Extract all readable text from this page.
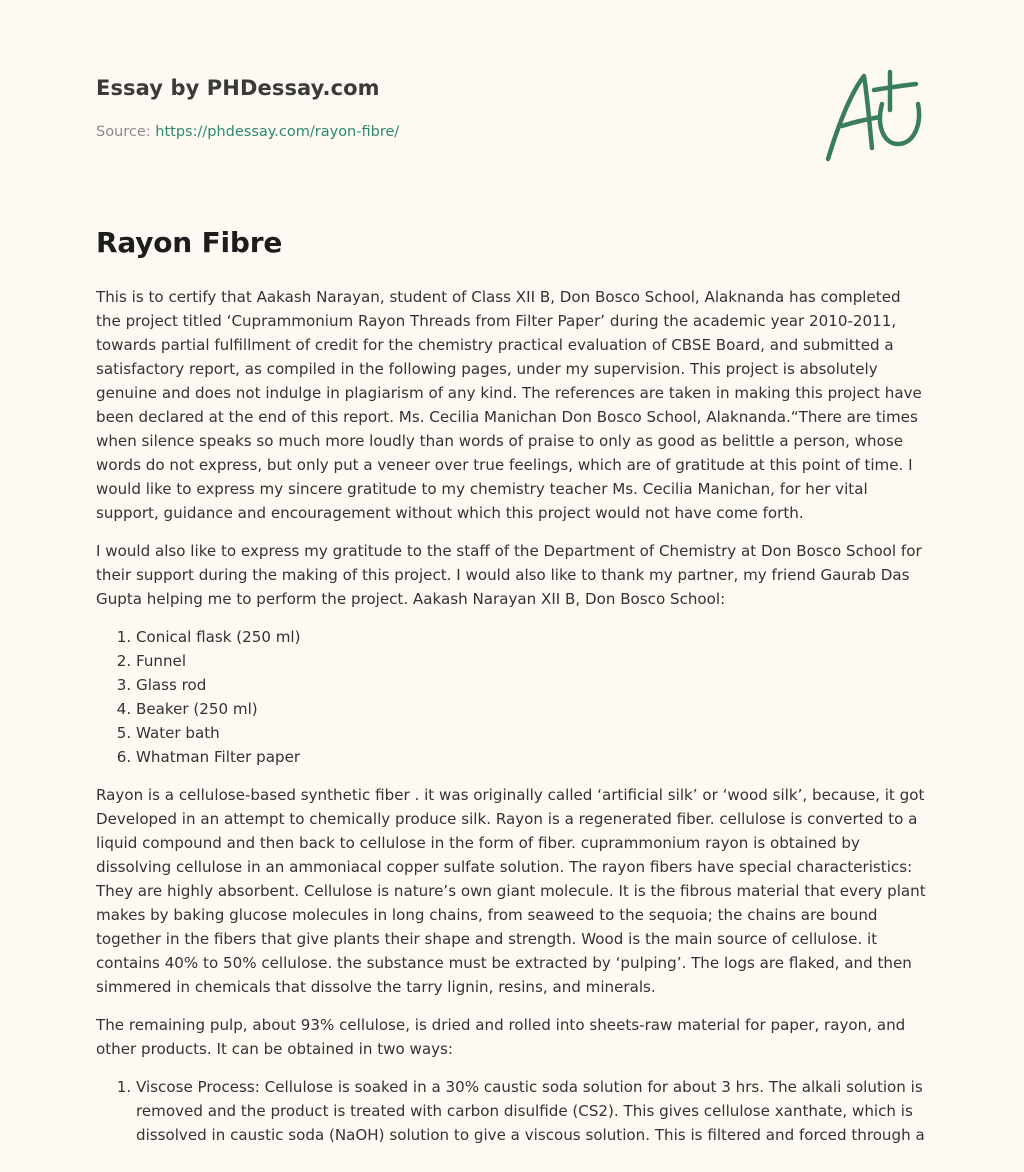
Essay by PHDessay.com

Source: https://phdessay.com/rayon-fibre/

Rayon Fibre

This is to certify that Aakash Narayan, student of Class XII B, Don Bosco School, Alaknanda has completed the project titled ‘Cuprammonium Rayon Threads from Filter Paper’ during the academic year 2010-2011, towards partial fulfillment of credit for the chemistry practical evaluation of CBSE Board, and submitted a satisfactory report, as compiled in the following pages, under my supervision. This project is absolutely genuine and does not indulge in plagiarism of any kind. The references are taken in making this project have been declared at the end of this report. Ms. Cecilia Manichan Don Bosco School, Alaknanda.“There are times when silence speaks so much more loudly than words of praise to only as good as belittle a person, whose words do not express, but only put a veneer over true feelings, which are of gratitude at this point of time. I would like to express my sincere gratitude to my chemistry teacher Ms. Cecilia Manichan, for her vital support, guidance and encouragement without which this project would not have come forth.

I would also like to express my gratitude to the staff of the Department of Chemistry at Don Bosco School for their support during the making of this project. I would also like to thank my partner, my friend Gaurab Das Gupta helping me to perform the project. Aakash Narayan XII B, Don Bosco School:

1. Conical flask (250 ml)
2. Funnel
3. Glass rod
4. Beaker (250 ml)
5. Water bath
6. Whatman Filter paper

Rayon is a cellulose-based synthetic fiber . it was originally called ‘artificial silk’ or ‘wood silk’, because, it got Developed in an attempt to chemically produce silk. Rayon is a regenerated fiber. cellulose is converted to a liquid compound and then back to cellulose in the form of fiber. cuprammonium rayon is obtained by dissolving cellulose in an ammoniacal copper sulfate solution. The rayon fibers have special characteristics: They are highly absorbent. Cellulose is nature’s own giant molecule. It is the fibrous material that every plant makes by baking glucose molecules in long chains, from seaweed to the sequoia; the chains are bound together in the fibers that give plants their shape and strength. Wood is the main source of cellulose. it contains 40% to 50% cellulose. the substance must be extracted by ‘pulping’. The logs are flaked, and then simmered in chemicals that dissolve the tarry lignin, resins, and minerals.

The remaining pulp, about 93% cellulose, is dried and rolled into sheets-raw material for paper, rayon, and other products. It can be obtained in two ways:

1. Viscose Process: Cellulose is soaked in a 30% caustic soda solution for about 3 hrs. The alkali solution is removed and the product is treated with carbon disulfide (CS2). This gives cellulose xanthate, which is dissolved in caustic soda (NaOH) solution to give a viscous solution. This is filtered and forced through a
